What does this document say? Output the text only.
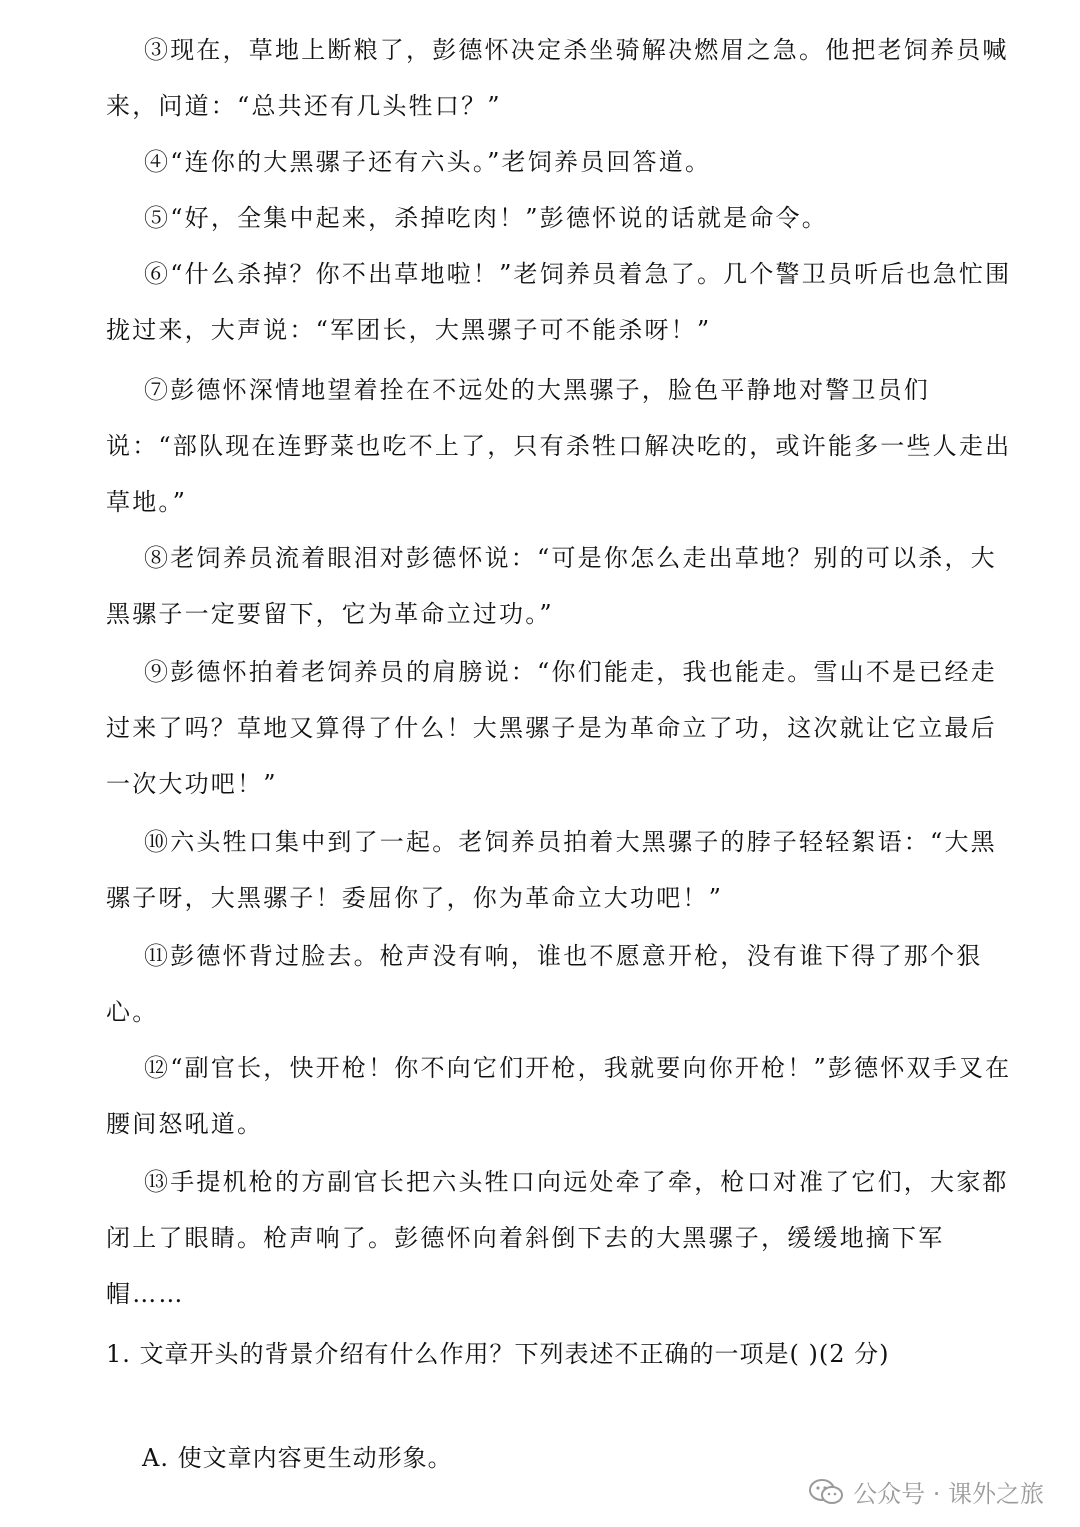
③现在，草地上断粮了，彭德怀决定杀坐骑解决燃眉之急。他把老饲养员喊来，问道：“总共还有几头牲口？”

④“连你的大黑骡子还有六头。”老饲养员回答道。

⑤“好，全集中起来，杀掉吃肉！”彭德怀说的话就是命令。

⑥“什么杀掉？你不出草地啦！”老饲养员着急了。几个警卫员听后也急忙围拢过来，大声说：“军团长，大黑骡子可不能杀呀！”

⑦彭德怀深情地望着拴在不远处的大黑骡子，脸色平静地对警卫员们说：“部队现在连野菜也吃不上了，只有杀牲口解决吃的，或许能多一些人走出草地。”

⑧老饲养员流着眼泪对彭德怀说：“可是你怎么走出草地？别的可以杀，大黑骡子一定要留下，它为革命立过功。”

⑨彭德怀拍着老饲养员的肩膀说：“你们能走，我也能走。雪山不是已经走过来了吗？草地又算得了什么！大黑骡子是为革命立了功，这次就让它立最后一次大功吧！”

⑩六头牲口集中到了一起。老饲养员拍着大黑骡子的脖子轻轻絮语：“大黑骡子呀，大黑骡子！委屈你了，你为革命立大功吧！”

⑪彭德怀背过脸去。枪声没有响，谁也不愿意开枪，没有谁下得了那个狠心。

⑫“副官长，快开枪！你不向它们开枪，我就要向你开枪！”彭德怀双手叉在腰间怒吼道。

⑬手提机枪的方副官长把六头牲口向远处牵了牵，枪口对准了它们，大家都闭上了眼睛。枪声响了。彭德怀向着斜倒下去的大黑骡子，缓缓地摘下军帽……

1. 文章开头的背景介绍有什么作用？下列表述不正确的一项是( )(2 分)

A. 使文章内容更生动形象。

公众号 · 课外之旅
